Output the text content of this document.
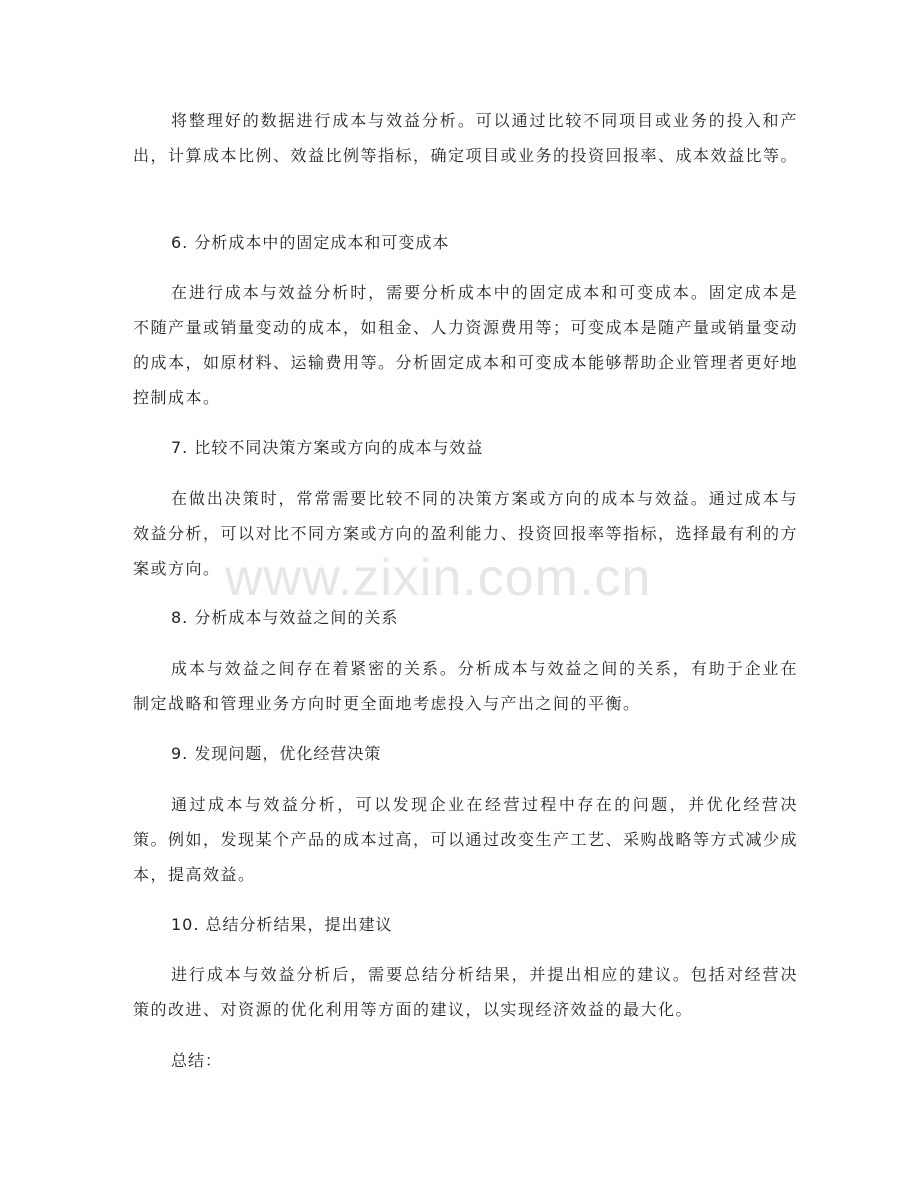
将整理好的数据进行成本与效益分析。可以通过比较不同项目或业务的投入和产出，计算成本比例、效益比例等指标，确定项目或业务的投资回报率、成本效益比等。

6. 分析成本中的固定成本和可变成本

在进行成本与效益分析时，需要分析成本中的固定成本和可变成本。固定成本是不随产量或销量变动的成本，如租金、人力资源费用等；可变成本是随产量或销量变动的成本，如原材料、运输费用等。分析固定成本和可变成本能够帮助企业管理者更好地控制成本。

7. 比较不同决策方案或方向的成本与效益

在做出决策时，常常需要比较不同的决策方案或方向的成本与效益。通过成本与效益分析，可以对比不同方案或方向的盈利能力、投资回报率等指标，选择最有利的方案或方向。

8. 分析成本与效益之间的关系

成本与效益之间存在着紧密的关系。分析成本与效益之间的关系，有助于企业在制定战略和管理业务方向时更全面地考虑投入与产出之间的平衡。

9. 发现问题，优化经营决策

通过成本与效益分析，可以发现企业在经营过程中存在的问题，并优化经营决策。例如，发现某个产品的成本过高，可以通过改变生产工艺、采购战略等方式减少成本，提高效益。

10. 总结分析结果，提出建议

进行成本与效益分析后，需要总结分析结果，并提出相应的建议。包括对经营决策的改进、对资源的优化利用等方面的建议，以实现经济效益的最大化。

总结：

www.zixin.com.cn
